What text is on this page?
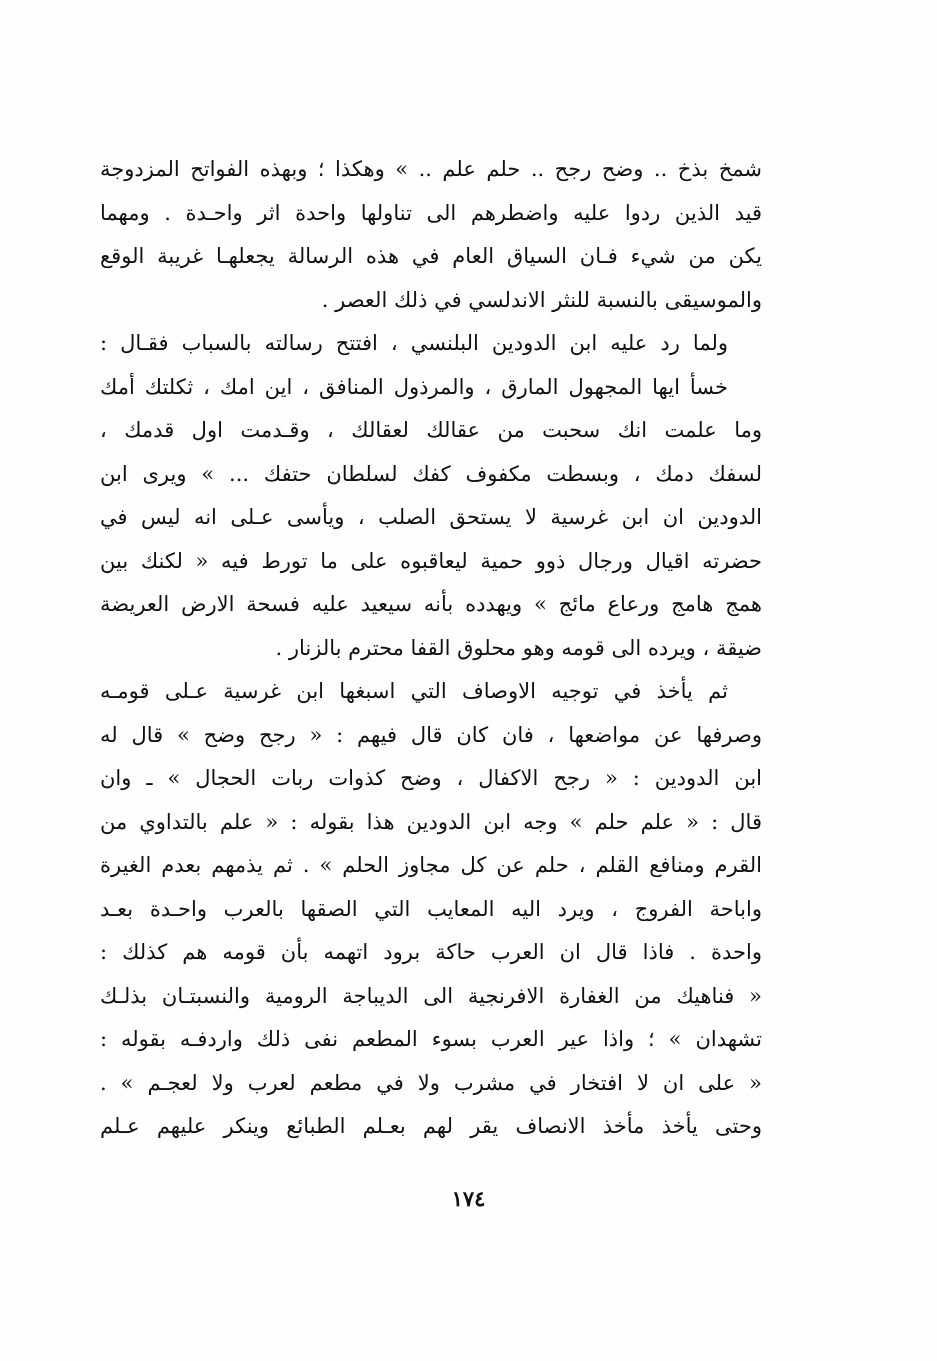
شمخ بذخ .. وضح رجح .. حلم علم .. » وهكذا ؛ وبهذه الفواتح المزدوجة
قيد الذين ردوا عليه واضطرهم الى تناولها واحدة اثر واحـدة . ومهما
يكن من شيء فـان السياق العام في هذه الرسالة يجعلهـا غريبة الوقع
والموسيقى بالنسبة للنثر الاندلسي في ذلك العصر .
ولما رد عليه ابن الدودين البلنسي ، افتتح رسالته بالسباب فقـال :
خسأ ايها المجهول المارق ، والمرذول المنافق ، اين امك ، ثكلتك أمك
وما علمت انك سحبت من عقالك لعقالك ، وقـدمت اول قدمك ،
لسفك دمك ، وبسطت مكفوف كفك لسلطان حتفك ... » ويرى ابن
الدودين ان ابن غرسية لا يستحق الصلب ، ويأسى عـلى انه ليس في
حضرته اقيال ورجال ذوو حمية ليعاقبوه على ما تورط فيه « لكنك بين
همج هامج ورعاع مائج » ويهدده بأنه سيعيد عليه فسحة الارض العريضة
ضيقة ، ويرده الى قومه وهو محلوق القفا محترم بالزنار .
ثم يأخذ في توجيه الاوصاف التي اسبغها ابن غرسية عـلى قومـه
وصرفها عن مواضعها ، فان كان قال فيهم : « رجح وضح » قال له
ابن الدودين : « رجح الاكفال ، وضح كذوات ربات الحجال » ـ وان
قال : « علم حلم » وجه ابن الدودين هذا بقوله : « علم بالتداوي من
القرم ومنافع القلم ، حلم عن كل مجاوز الحلم » . ثم يذمهم بعدم الغيرة
واباحة الفروج ، ويرد اليه المعايب التي الصقها بالعرب واحـدة بعـد
واحدة . فاذا قال ان العرب حاكة برود اتهمه بأن قومه هم كذلك :
« فناهيك من الغفارة الافرنجية الى الديباجة الرومية والنسبتـان بذلـك
تشهدان » ؛ واذا عير العرب بسوء المطعم نفى ذلك واردفـه بقوله :
« على ان لا افتخار في مشرب ولا في مطعم لعرب ولا لعجـم » .
وحتى يأخذ مأخذ الانصاف يقر لهم بعـلم الطبائع وينكر عليهم عـلم
١٧٤
